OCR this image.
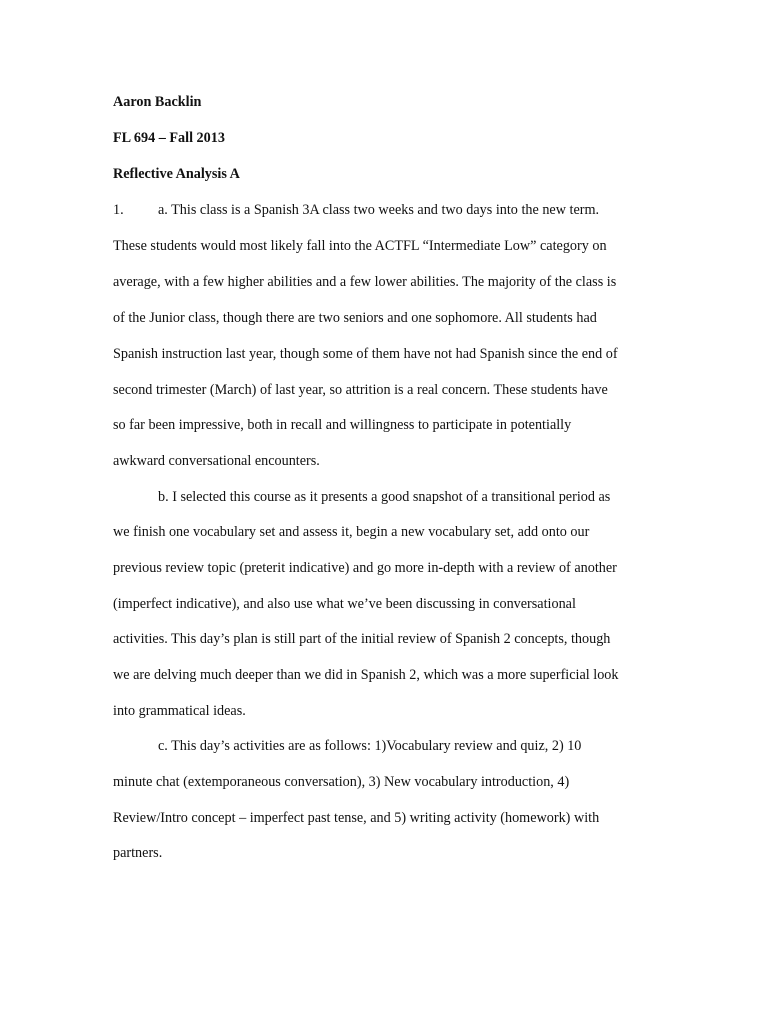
Aaron Backlin
FL 694 – Fall 2013
Reflective Analysis A
1. a. This class is a Spanish 3A class two weeks and two days into the new term.
These students would most likely fall into the ACTFL “Intermediate Low” category on
average, with a few higher abilities and a few lower abilities. The majority of the class is
of the Junior class, though there are two seniors and one sophomore. All students had
Spanish instruction last year, though some of them have not had Spanish since the end of
second trimester (March) of last year, so attrition is a real concern. These students have
so far been impressive, both in recall and willingness to participate in potentially
awkward conversational encounters.
b. I selected this course as it presents a good snapshot of a transitional period as
we finish one vocabulary set and assess it, begin a new vocabulary set, add onto our
previous review topic (preterit indicative) and go more in-depth with a review of another
(imperfect indicative), and also use what we’ve been discussing in conversational
activities. This day’s plan is still part of the initial review of Spanish 2 concepts, though
we are delving much deeper than we did in Spanish 2, which was a more superficial look
into grammatical ideas.
c. This day’s activities are as follows: 1)Vocabulary review and quiz, 2) 10
minute chat (extemporaneous conversation), 3) New vocabulary introduction, 4)
Review/Intro concept – imperfect past tense, and 5) writing activity (homework) with
partners.
